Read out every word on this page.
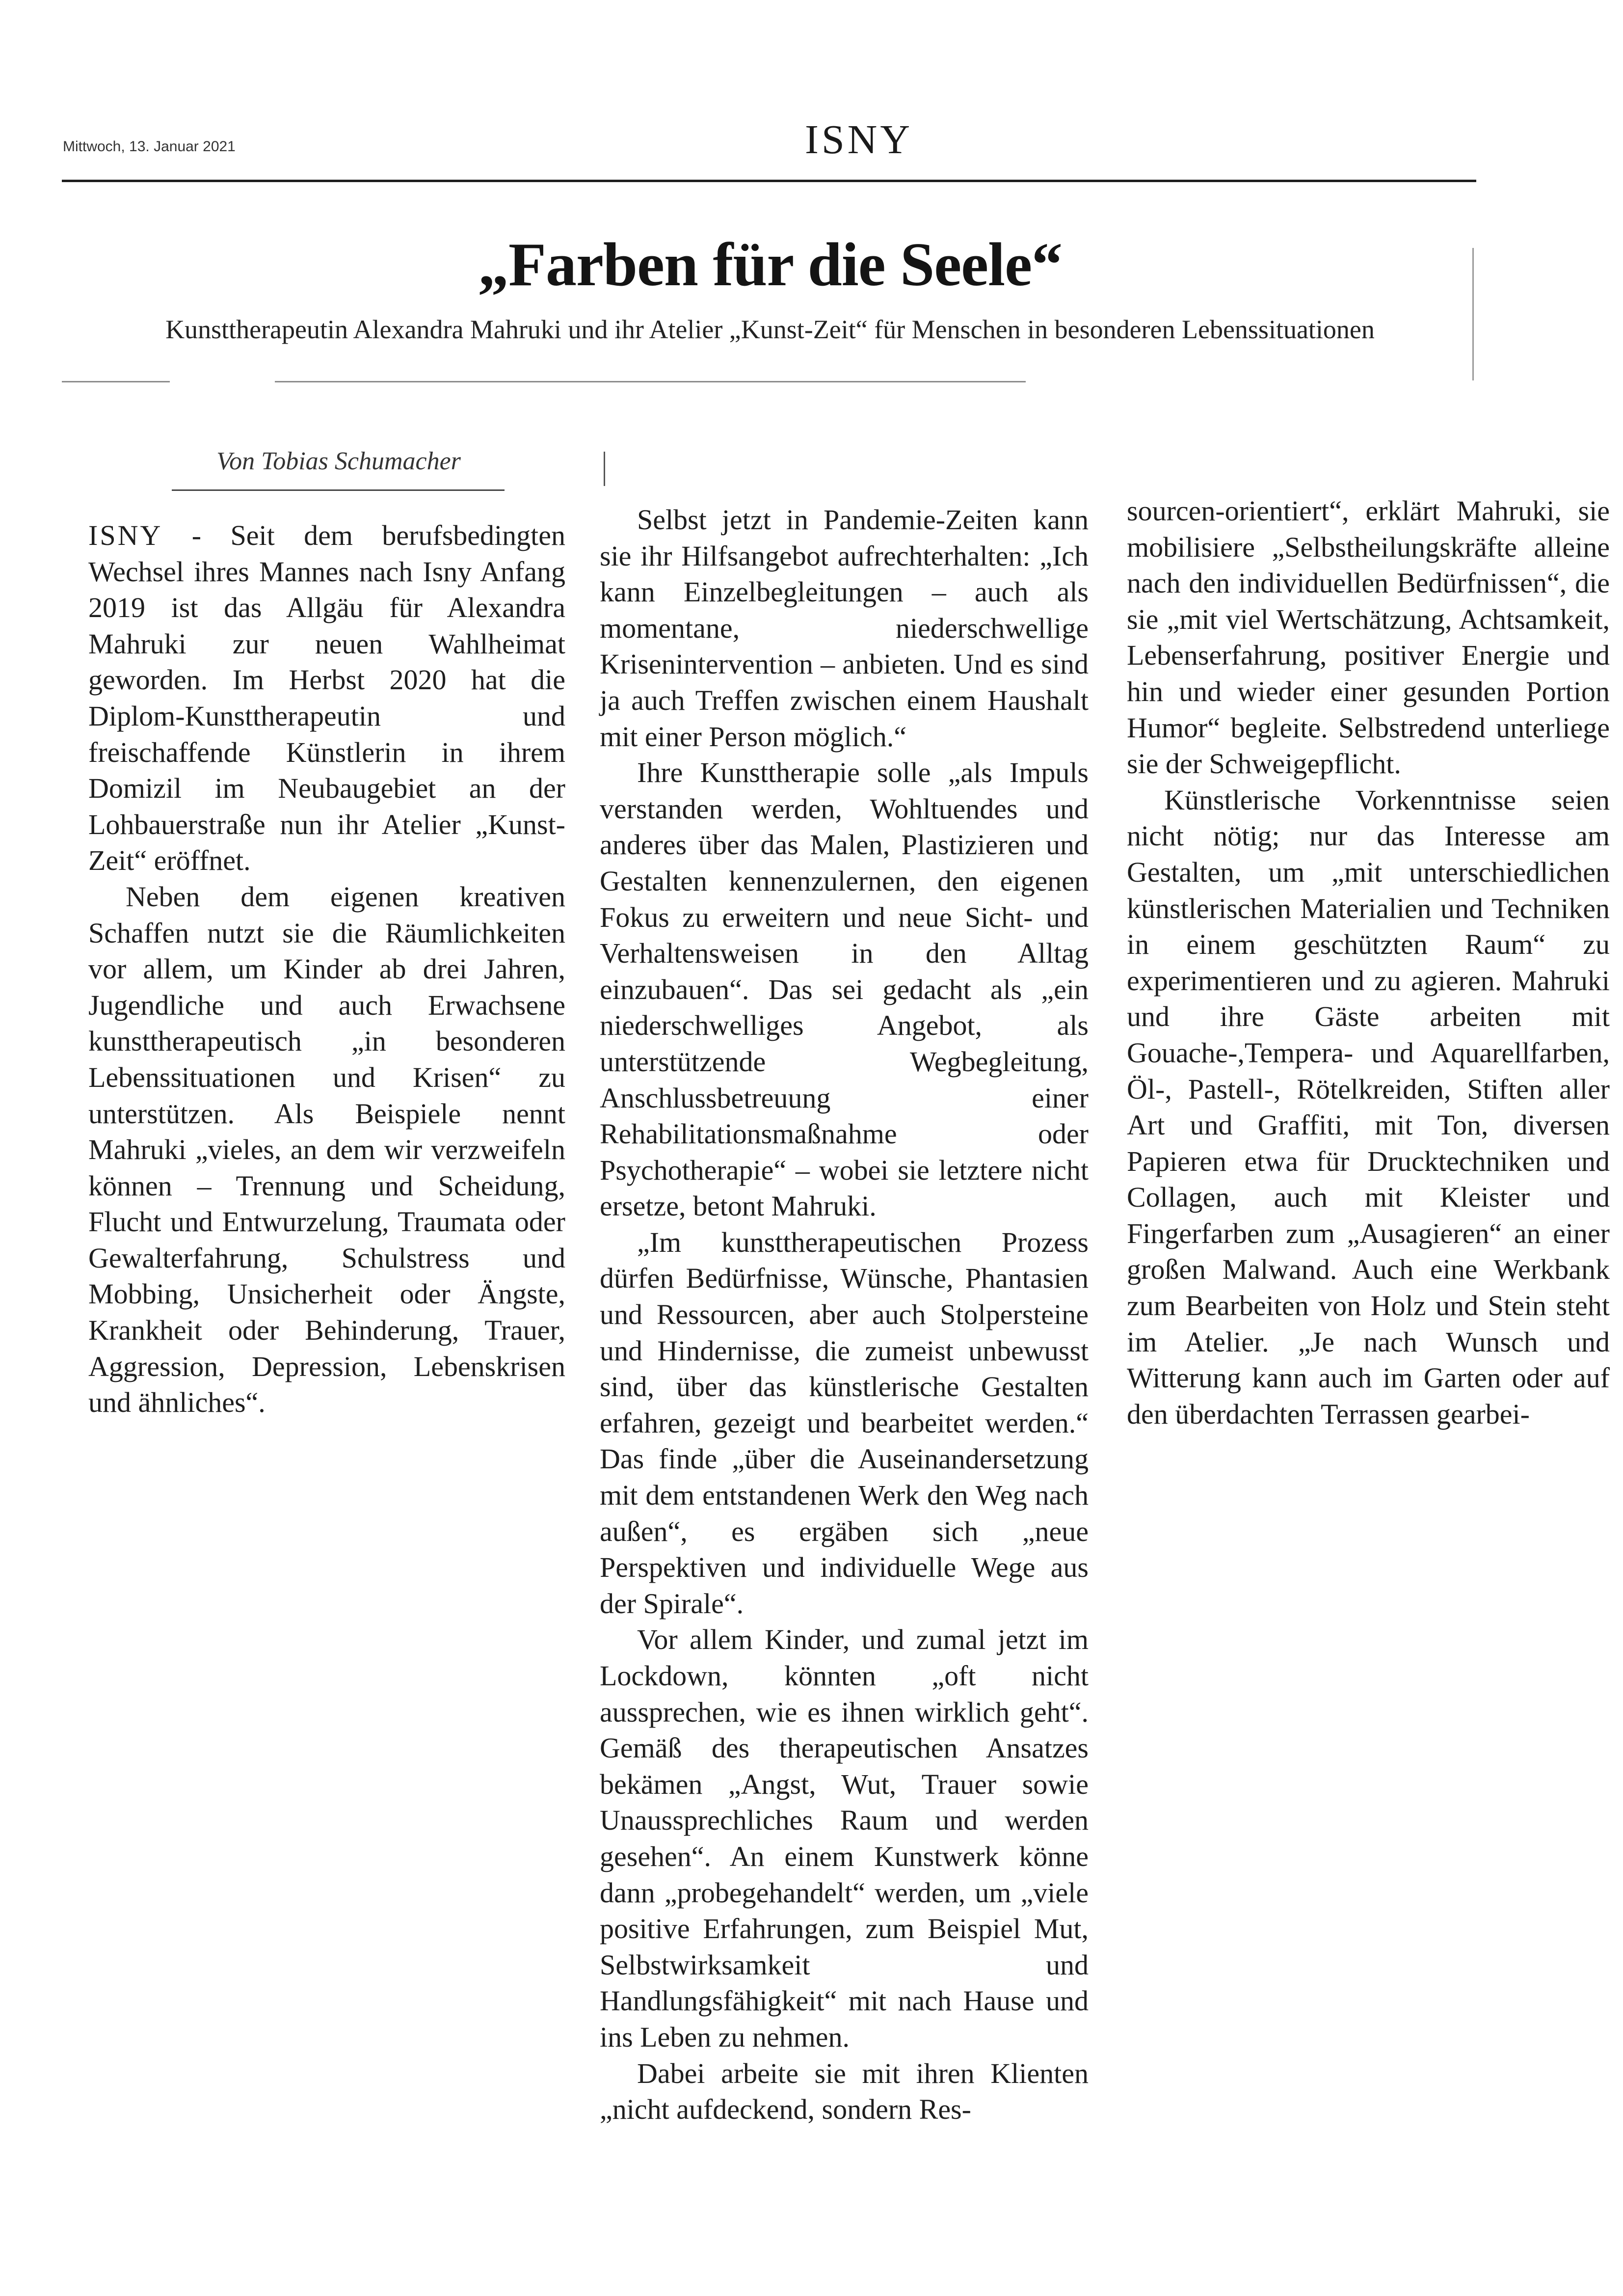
Mittwoch, 13. Januar 2021	ISNY
„Farben für die Seele“
Kunsttherapeutin Alexandra Mahruki und ihr Atelier „Kunst-Zeit“ für Menschen in besonderen Lebenssituationen
Von Tobias Schumacher

ISNY - Seit dem berufsbedingten Wechsel ihres Mannes nach Isny Anfang 2019 ist das Allgäu für Alexandra Mahruki zur neuen Wahlheimat geworden. Im Herbst 2020 hat die Diplom-Kunsttherapeutin und freischaffende Künstlerin in ihrem Domizil im Neubaugebiet an der Lohbauerstraße nun ihr Atelier „Kunst-Zeit“ eröffnet.

Neben dem eigenen kreativen Schaffen nutzt sie die Räumlichkeiten vor allem, um Kinder ab drei Jahren, Jugendliche und auch Erwachsene kunsttherapeutisch „in besonderen Lebenssituationen und Krisen“ zu unterstützen. Als Beispiele nennt Mahruki „vieles, an dem wir verzweifeln können – Trennung und Scheidung, Flucht und Entwurzelung, Traumata oder Gewalterfahrung, Schulstress und Mobbing, Unsicherheit oder Ängste, Krankheit oder Behinderung, Trauer, Aggression, Depression, Lebenskrisen und ähnliches“.

Selbst jetzt in Pandemie-Zeiten kann sie ihr Hilfsangebot aufrechterhalten: „Ich kann Einzelbegleitungen – auch als momentane, niederschwellige Krisenintervention – anbieten. Und es sind ja auch Treffen zwischen einem Haushalt mit einer Person möglich.“

Ihre Kunsttherapie solle „als Impuls verstanden werden, Wohltuendes und anderes über das Malen, Plastizieren und Gestalten kennenzulernen, den eigenen Fokus zu erweitern und neue Sicht- und Verhaltensweisen in den Alltag einzubauen“. Das sei gedacht als „ein niederschwelliges Angebot, als unterstützende Wegbegleitung, Anschlussbetreuung einer Rehabilitationsmaßnahme oder Psychotherapie“ – wobei sie letztere nicht ersetze, betont Mahruki.

„Im kunsttherapeutischen Prozess dürfen Bedürfnisse, Wünsche, Phantasien und Ressourcen, aber auch Stolpersteine und Hindernisse, die zumeist unbewusst sind, über das künstlerische Gestalten erfahren, gezeigt und bearbeitet werden.“ Das finde „über die Auseinandersetzung mit dem entstandenen Werk den Weg nach außen“, es ergäben sich „neue Perspektiven und individuelle Wege aus der Spirale“.

Vor allem Kinder, und zumal jetzt im Lockdown, könnten „oft nicht aussprechen, wie es ihnen wirklich geht“. Gemäß des therapeutischen Ansatzes bekämen „Angst, Wut, Trauer sowie Unaussprechliches Raum und werden gesehen“. An einem Kunstwerk könne dann „probegehandelt“ werden, um „viele positive Erfahrungen, zum Beispiel Mut, Selbstwirksamkeit und Handlungsfähigkeit“ mit nach Hause und ins Leben zu nehmen.

Dabei arbeite sie mit ihren Klienten „nicht aufdeckend, sondern Res-

sourcen-orientiert“, erklärt Mahruki, sie mobilisiere „Selbstheilungskräfte alleine nach den individuellen Bedürfnissen“, die sie „mit viel Wertschätzung, Achtsamkeit, Lebenserfahrung, positiver Energie und hin und wieder einer gesunden Portion Humor“ begleite. Selbstredend unterliege sie der Schweigepflicht.

Künstlerische Vorkenntnisse seien nicht nötig; nur das Interesse am Gestalten, um „mit unterschiedlichen künstlerischen Materialien und Techniken in einem geschützten Raum“ zu experimentieren und zu agieren. Mahruki und ihre Gäste arbeiten mit Gouache-,Tempera- und Aquarellfarben, Öl-, Pastell-, Rötelkreiden, Stiften aller Art und Graffiti, mit Ton, diversen Papieren etwa für Drucktechniken und Collagen, auch mit Kleister und Fingerfarben zum „Ausagieren“ an einer großen Malwand. Auch eine Werkbank zum Bearbeiten von Holz und Stein steht im Atelier. „Je nach Wunsch und Witterung kann auch im Garten oder auf den überdachten Terrassen gearbei-
